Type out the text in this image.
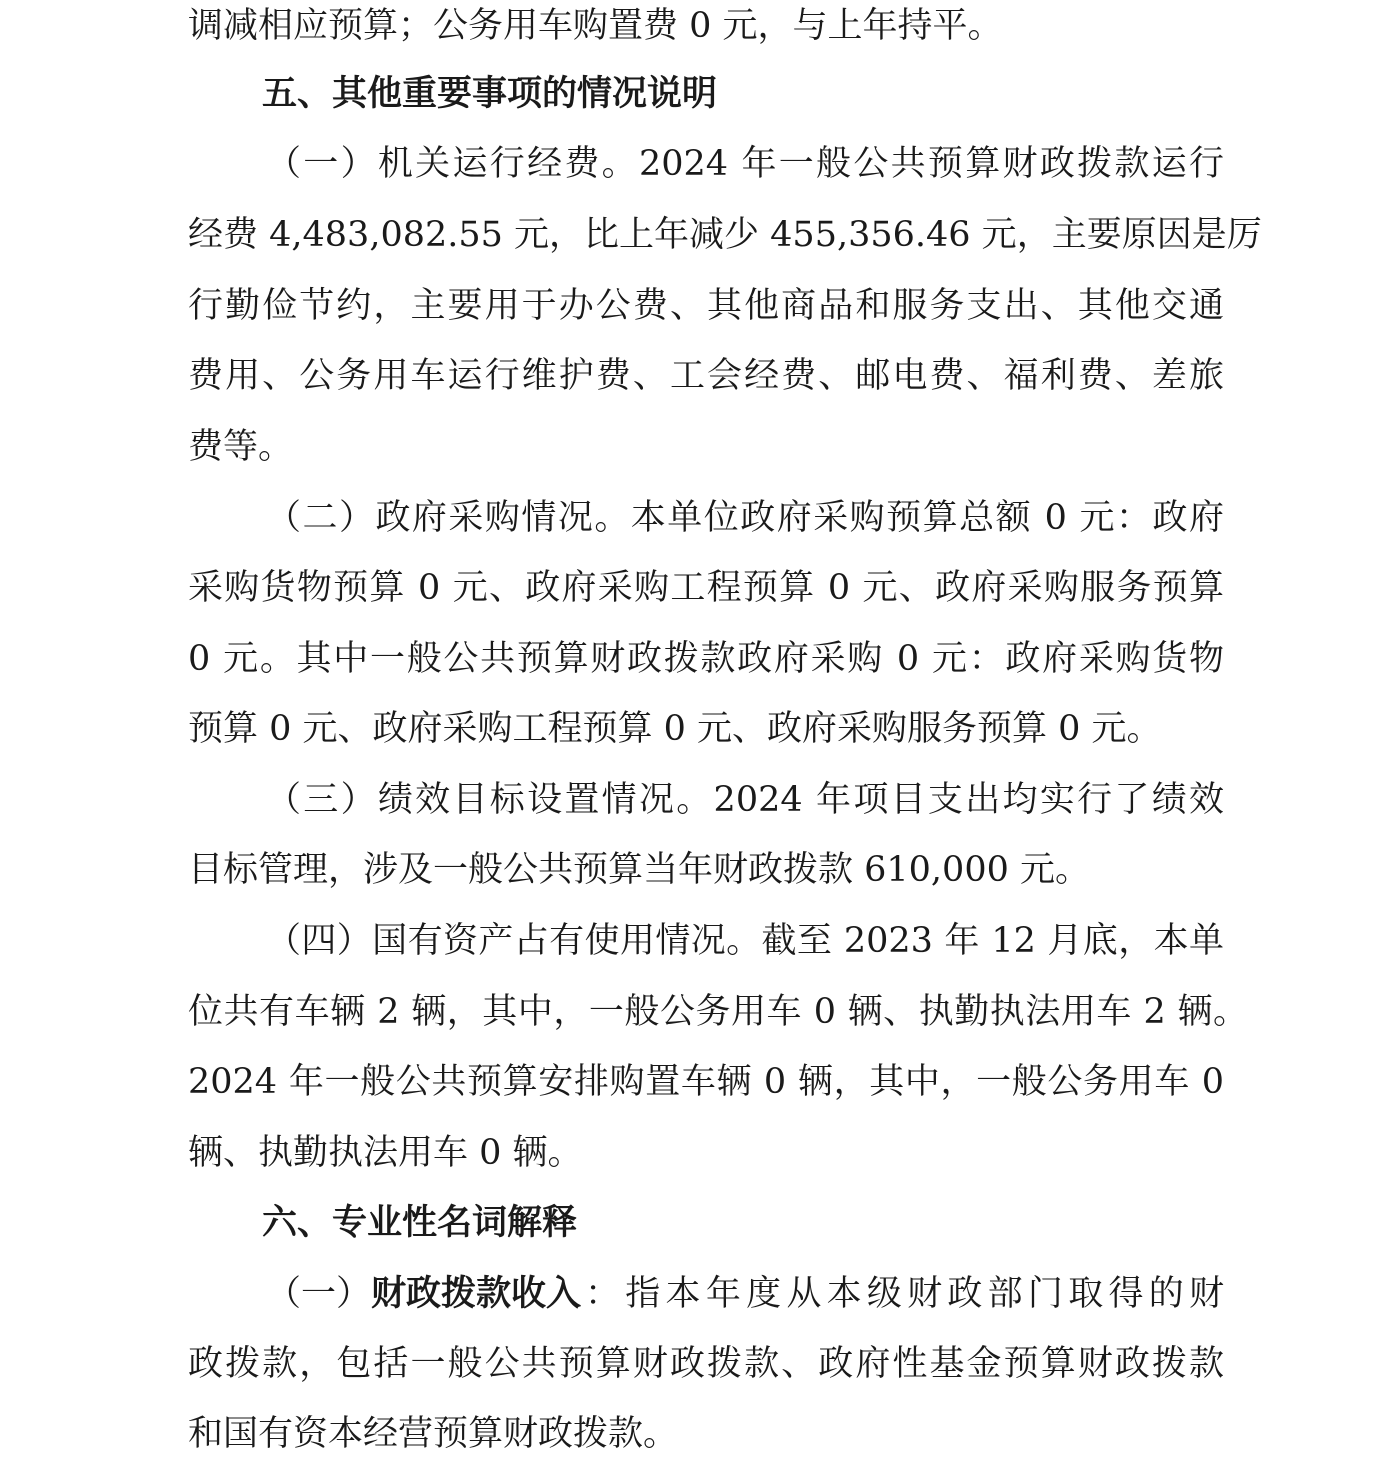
调减相应预算；公务用车购置费 0 元，与上年持平。
五、其他重要事项的情况说明
（一）机关运行经费。2024 年一般公共预算财政拨款运行
经费 4,483,082.55 元，比上年减少 455,356.46 元，主要原因是厉
行勤俭节约，主要用于办公费、其他商品和服务支出、其他交通
费用、公务用车运行维护费、工会经费、邮电费、福利费、差旅
费等。
（二）政府采购情况。本单位政府采购预算总额 0 元：政府
采购货物预算 0 元、政府采购工程预算 0 元、政府采购服务预算
0 元。其中一般公共预算财政拨款政府采购 0 元：政府采购货物
预算 0 元、政府采购工程预算 0 元、政府采购服务预算 0 元。
（三）绩效目标设置情况。2024 年项目支出均实行了绩效
目标管理，涉及一般公共预算当年财政拨款 610,000 元。
（四）国有资产占有使用情况。截至 2023 年 12 月底，本单
位共有车辆 2 辆，其中，一般公务用车 0 辆、执勤执法用车 2 辆。
2024 年一般公共预算安排购置车辆 0 辆，其中，一般公务用车 0
辆、执勤执法用车 0 辆。
六、专业性名词解释
（一） 财政拨款收入 ：指本年度从本级财政部门取得的财
政拨款，包括一般公共预算财政拨款、政府性基金预算财政拨款
和国有资本经营预算财政拨款。
